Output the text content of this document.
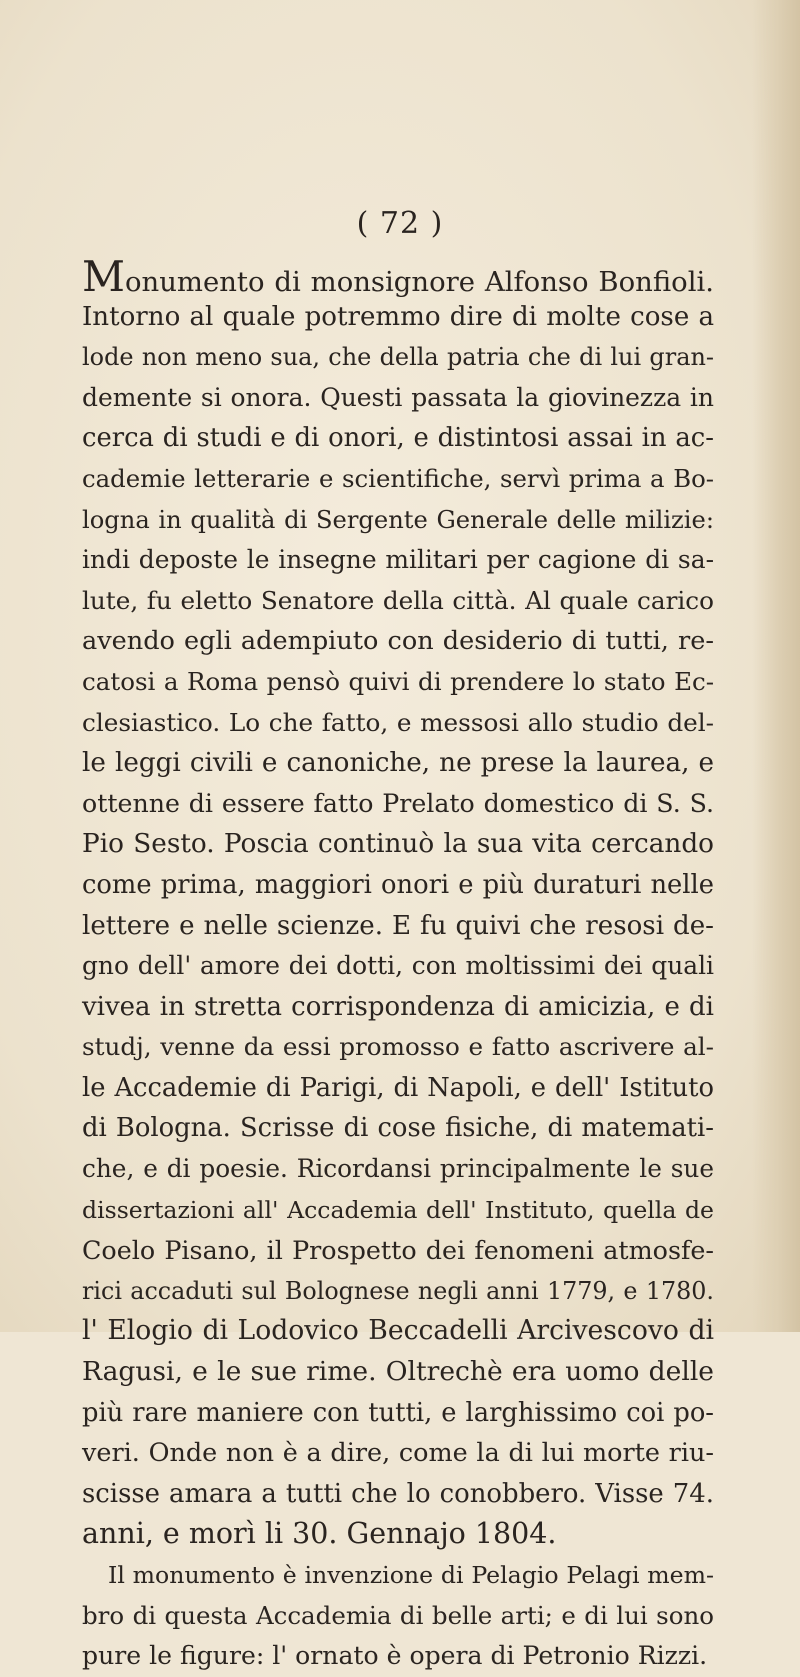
( 72 )
Monumento di monsignore Alfonso Bonfioli.
Intorno al quale potremmo dire di molte cose a
lode non meno sua, che della patria che di lui gran-
demente si onora. Questi passata la giovinezza in
cerca di studi e di onori, e distintosi assai in ac-
cademie letterarie e scientifiche, servì prima a Bo-
logna in qualità di Sergente Generale delle milizie:
indi deposte le insegne militari per cagione di sa-
lute, fu eletto Senatore della città. Al quale carico
avendo egli adempiuto con desiderio di tutti, re-
catosi a Roma pensò quivi di prendere lo stato Ec-
clesiastico. Lo che fatto, e messosi allo studio del-
le leggi civili e canoniche, ne prese la laurea, e
ottenne di essere fatto Prelato domestico di S. S.
Pio Sesto. Poscia continuò la sua vita cercando
come prima, maggiori onori e più duraturi nelle
lettere e nelle scienze. E fu quivi che resosi de-
gno dell' amore dei dotti, con moltissimi dei quali
vivea in stretta corrispondenza di amicizia, e di
studj, venne da essi promosso e fatto ascrivere al-
le Accademie di Parigi, di Napoli, e dell' Istituto
di Bologna. Scrisse di cose fisiche, di matemati-
che, e di poesie. Ricordansi principalmente le sue
dissertazioni all' Accademia dell' Instituto, quella de
Coelo Pisano, il Prospetto dei fenomeni atmosfe-
rici accaduti sul Bolognese negli anni 1779, e 1780.
l' Elogio di Lodovico Beccadelli Arcivescovo di
Ragusi, e le sue rime. Oltrechè era uomo delle
più rare maniere con tutti, e larghissimo coi po-
veri. Onde non è a dire, come la di lui morte riu-
scisse amara a tutti che lo conobbero. Visse 74.
anni, e morì li 30. Gennajo 1804.
Il monumento è invenzione di Pelagio Pelagi mem-
bro di questa Accademia di belle arti; e di lui sono
pure le figure: l' ornato è opera di Petronio Rizzi.
